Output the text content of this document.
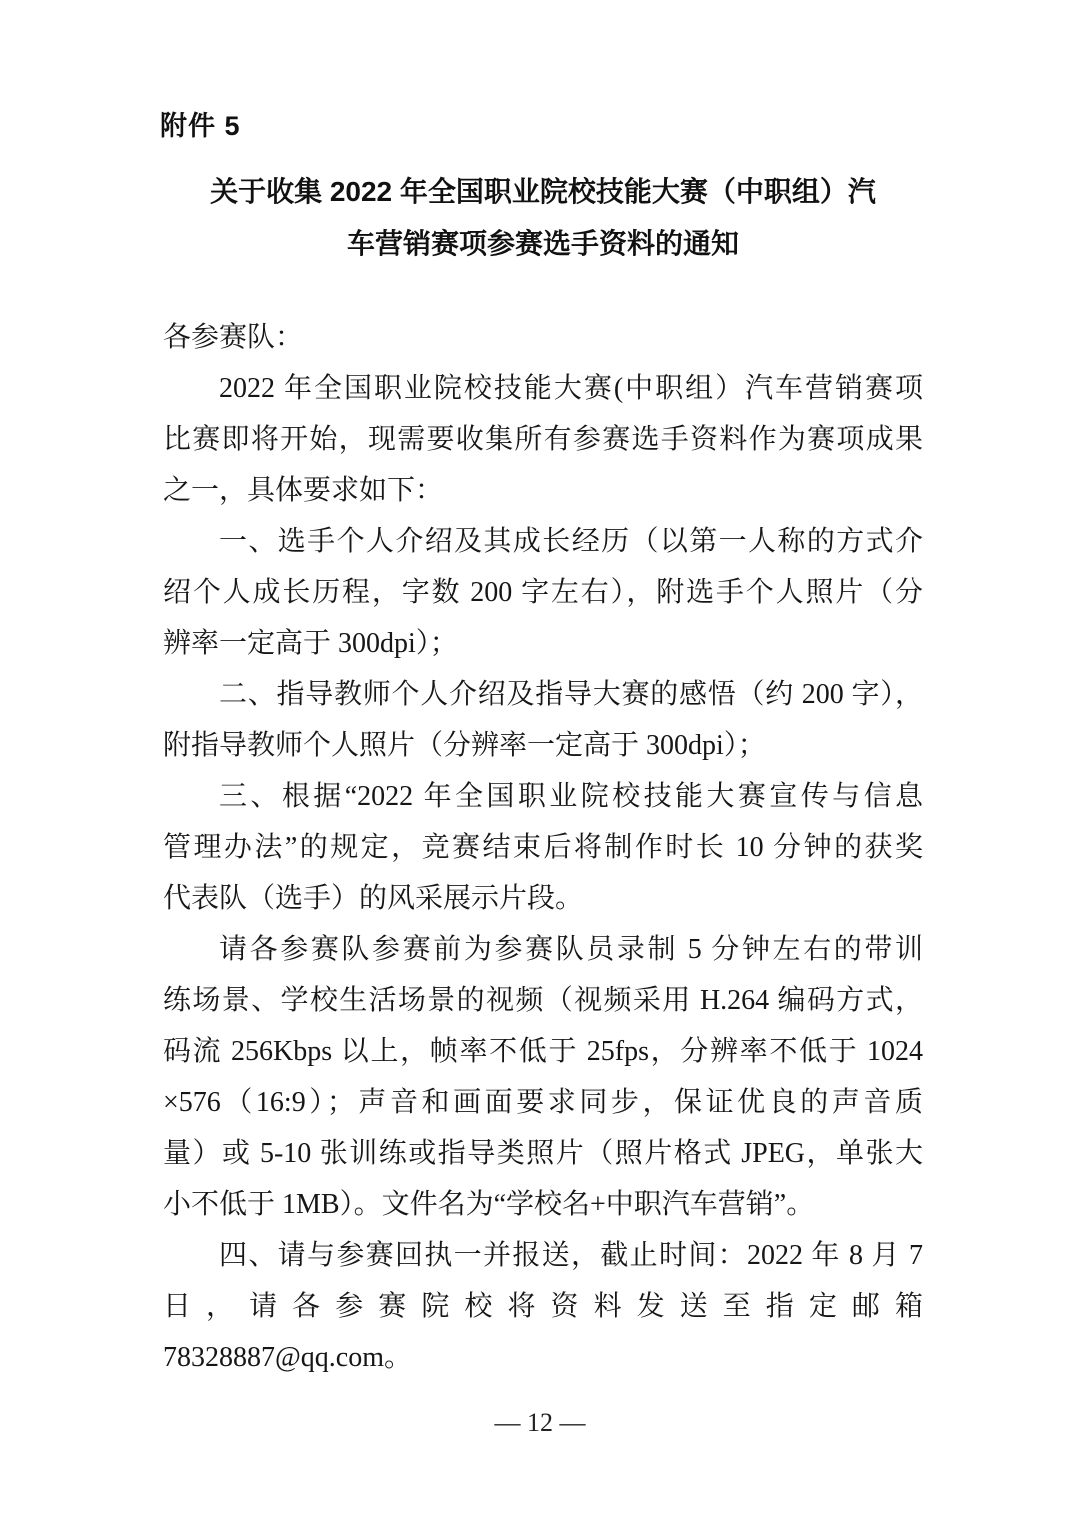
附件 5
关于收集 2022 年全国职业院校技能大赛（中职组）汽
车营销赛项参赛选手资料的通知
各参赛队：
2022 年全国职业院校技能大赛(中职组）汽车营销赛项
比赛即将开始，现需要收集所有参赛选手资料作为赛项成果
之一，具体要求如下：
一、选手个人介绍及其成长经历（以第一人称的方式介
绍个人成长历程，字数 200 字左右），附选手个人照片（分
辨率一定高于 300dpi）；
二、指导教师个人介绍及指导大赛的感悟（约 200 字），
附指导教师个人照片（分辨率一定高于 300dpi）；
三、根据“2022 年全国职业院校技能大赛宣传与信息
管理办法”的规定，竞赛结束后将制作时长 10 分钟的获奖
代表队（选手）的风采展示片段。
请各参赛队参赛前为参赛队员录制 5 分钟左右的带训
练场景、学校生活场景的视频（视频采用 H.264 编码方式，
码流 256Kbps 以上，帧率不低于 25fps，分辨率不低于 1024
×576（16:9）；声音和画面要求同步，保证优良的声音质
量）或 5-10 张训练或指导类照片（照片格式 JPEG，单张大
小不低于 1MB）。文件名为“学校名+中职汽车营销”。
四、请与参赛回执一并报送，截止时间：2022 年 8 月 7
日，请各参赛院校将资料发送至指定邮箱
78328887@qq.com。
— 12 —
